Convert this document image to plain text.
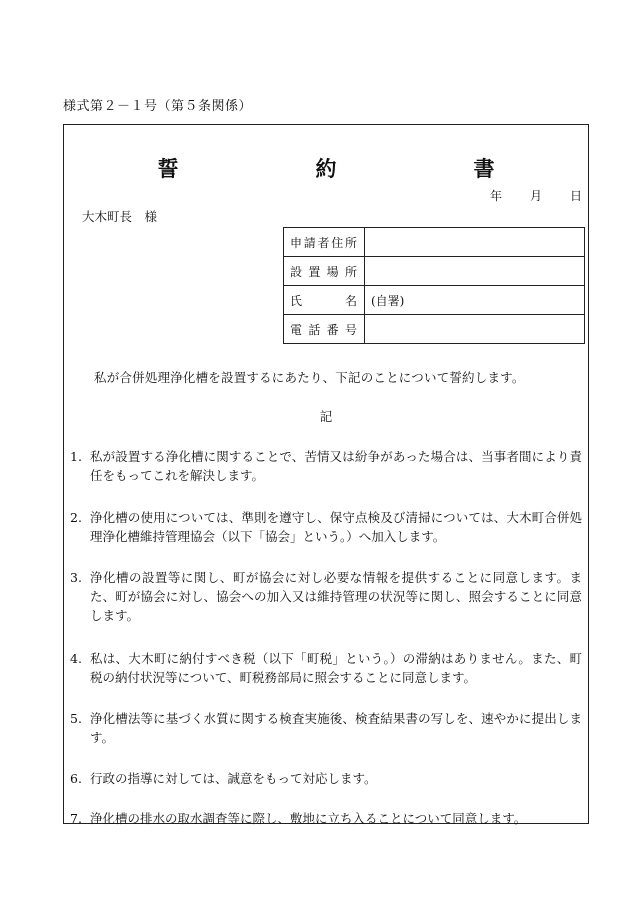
様式第２－１号（第５条関係）
誓　約　書
年 月 日
大木町長　様
申請者住所	
設置場所	
氏名	(自署)
電話番号	
私が合併処理浄化槽を設置するにあたり、下記のことについて誓約します。
記
1. 私が設置する浄化槽に関することで、苦情又は紛争があった場合は、当事者間により責任をもってこれを解決します。
2. 浄化槽の使用については、準則を遵守し、保守点検及び清掃については、大木町合併処理浄化槽維持管理協会（以下「協会」という。）へ加入します。
3. 浄化槽の設置等に関し、町が協会に対し必要な情報を提供することに同意します。また、町が協会に対し、協会への加入又は維持管理の状況等に関し、照会することに同意します。
4. 私は、大木町に納付すべき税（以下「町税」という。）の滞納はありません。また、町税の納付状況等について、町税務部局に照会することに同意します。
5. 浄化槽法等に基づく水質に関する検査実施後、検査結果書の写しを、速やかに提出します。
6. 行政の指導に対しては、誠意をもって対応します。
7. 浄化槽の排水の取水調査等に際し、敷地に立ち入ることについて同意します。
